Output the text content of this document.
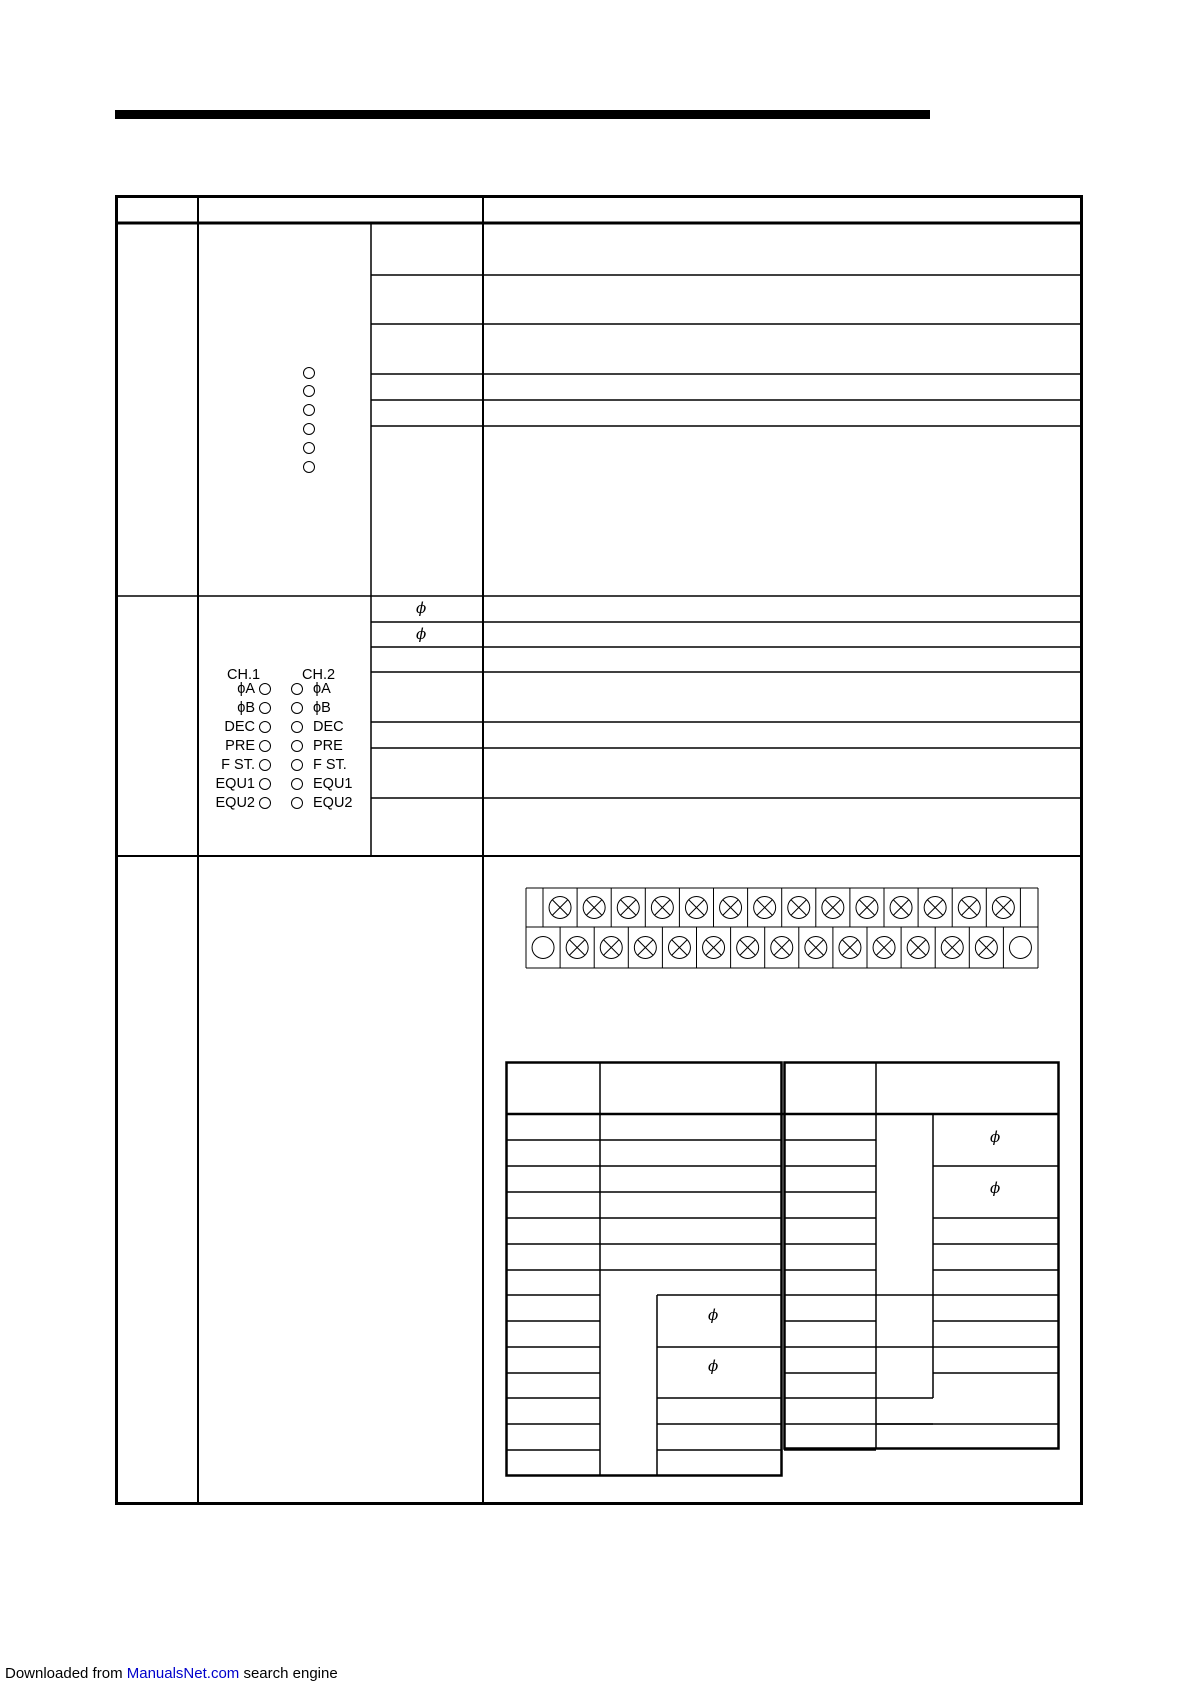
CH.1	CH.2
ϕA
ϕB
DEC
PRE
F ST.
EQU1
EQU2
ϕA
ϕB
DEC
PRE
F ST.
EQU1
EQU2
ϕ
ϕ
ϕ
ϕ
ϕ
ϕ
Downloaded from ManualsNet.com search engine
